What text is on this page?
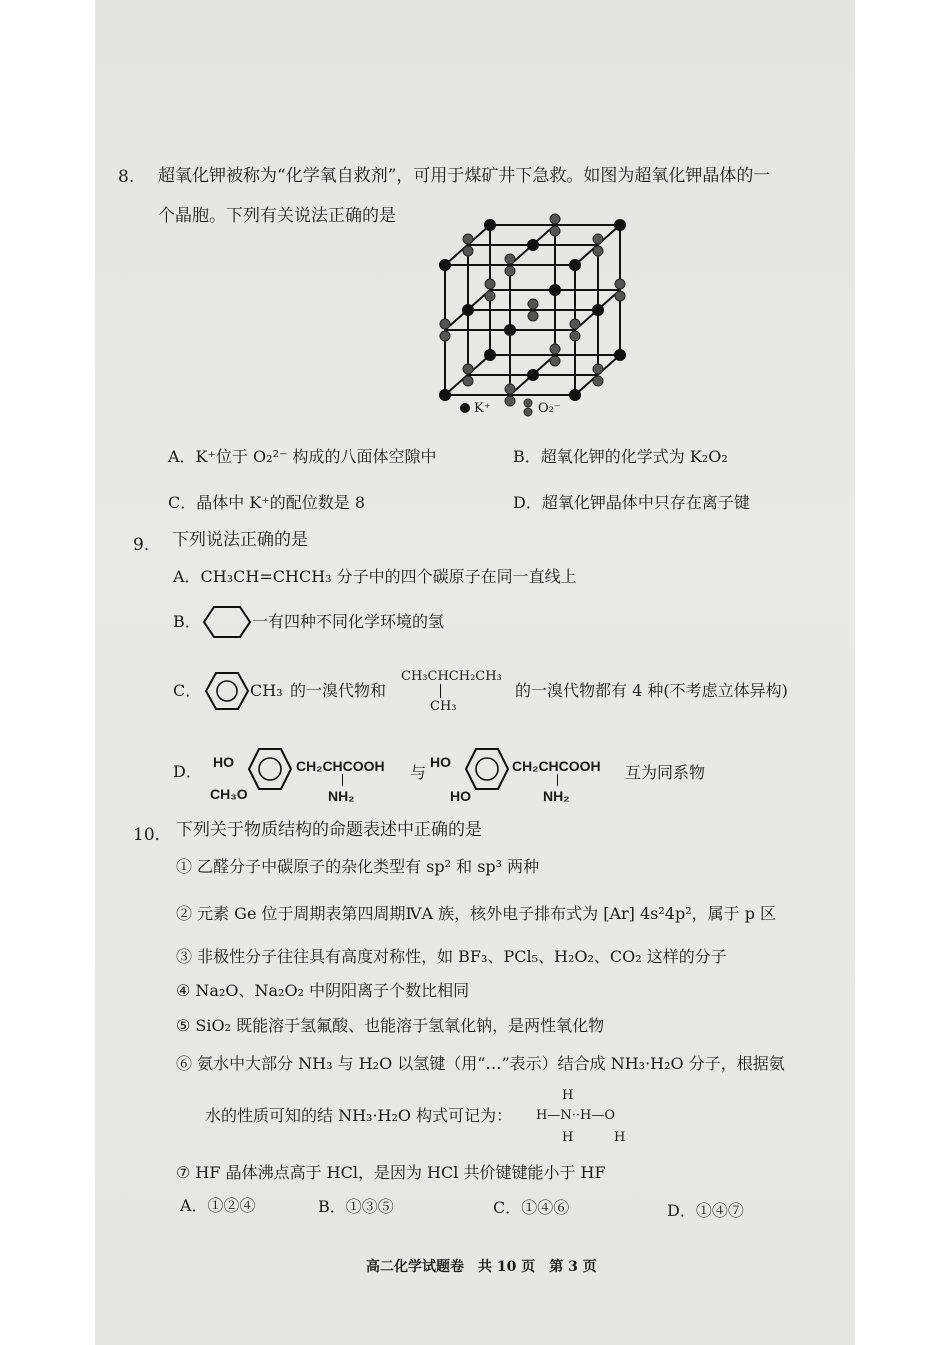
8. 超氧化钾被称为“化学氧自救剂”，可用于煤矿井下急救。如图为超氧化钾晶体的一
个晶胞。下列有关说法正确的是
K⁺	O₂⁻
A．K⁺位于 O₂²⁻ 构成的八面体空隙中	B．超氧化钾的化学式为 K₂O₂
C．晶体中 K⁺的配位数是 8	D．超氧化钾晶体中只存在离子键
9． 下列说法正确的是
A．CH₃CH=CHCH₃ 分子中的四个碳原子在同一直线上
B．	一有四种不同化学环境的氢
C．	CH₃ 的一溴代物和
CH₃CHCH₂CH₃
CH₃
的一溴代物都有 4 种(不考虑立体异构)
D． HO
CH₃O
CH₂CHCOOH
NH₂
与
HO
HO
CH₂CHCOOH
NH₂
互为同系物
10． 下列关于物质结构的命题表述中正确的是
① 乙醛分子中碳原子的杂化类型有 sp² 和 sp³ 两种
② 元素 Ge 位于周期表第四周期ⅣA 族，核外电子排布式为 [Ar] 4s²4p²，属于 p 区
③ 非极性分子往往具有高度对称性，如 BF₃、PCl₅、H₂O₂、CO₂ 这样的分子
④ Na₂O、Na₂O₂ 中阴阳离子个数比相同
⑤ SiO₂ 既能溶于氢氟酸、也能溶于氢氧化钠，是两性氧化物
⑥ 氨水中大部分 NH₃ 与 H₂O 以氢键（用“…”表示）结合成 NH₃·H₂O 分子，根据氨
水的性质可知的结 NH₃·H₂O 构式可记为：
H
H—N··H—O
H	H
⑦ HF 晶体沸点高于 HCl，是因为 HCl 共价键键能小于 HF
A．①②④	B．①③⑤	C．①④⑥	D．①④⑦
高二化学试题卷　共 10 页　第 3 页
